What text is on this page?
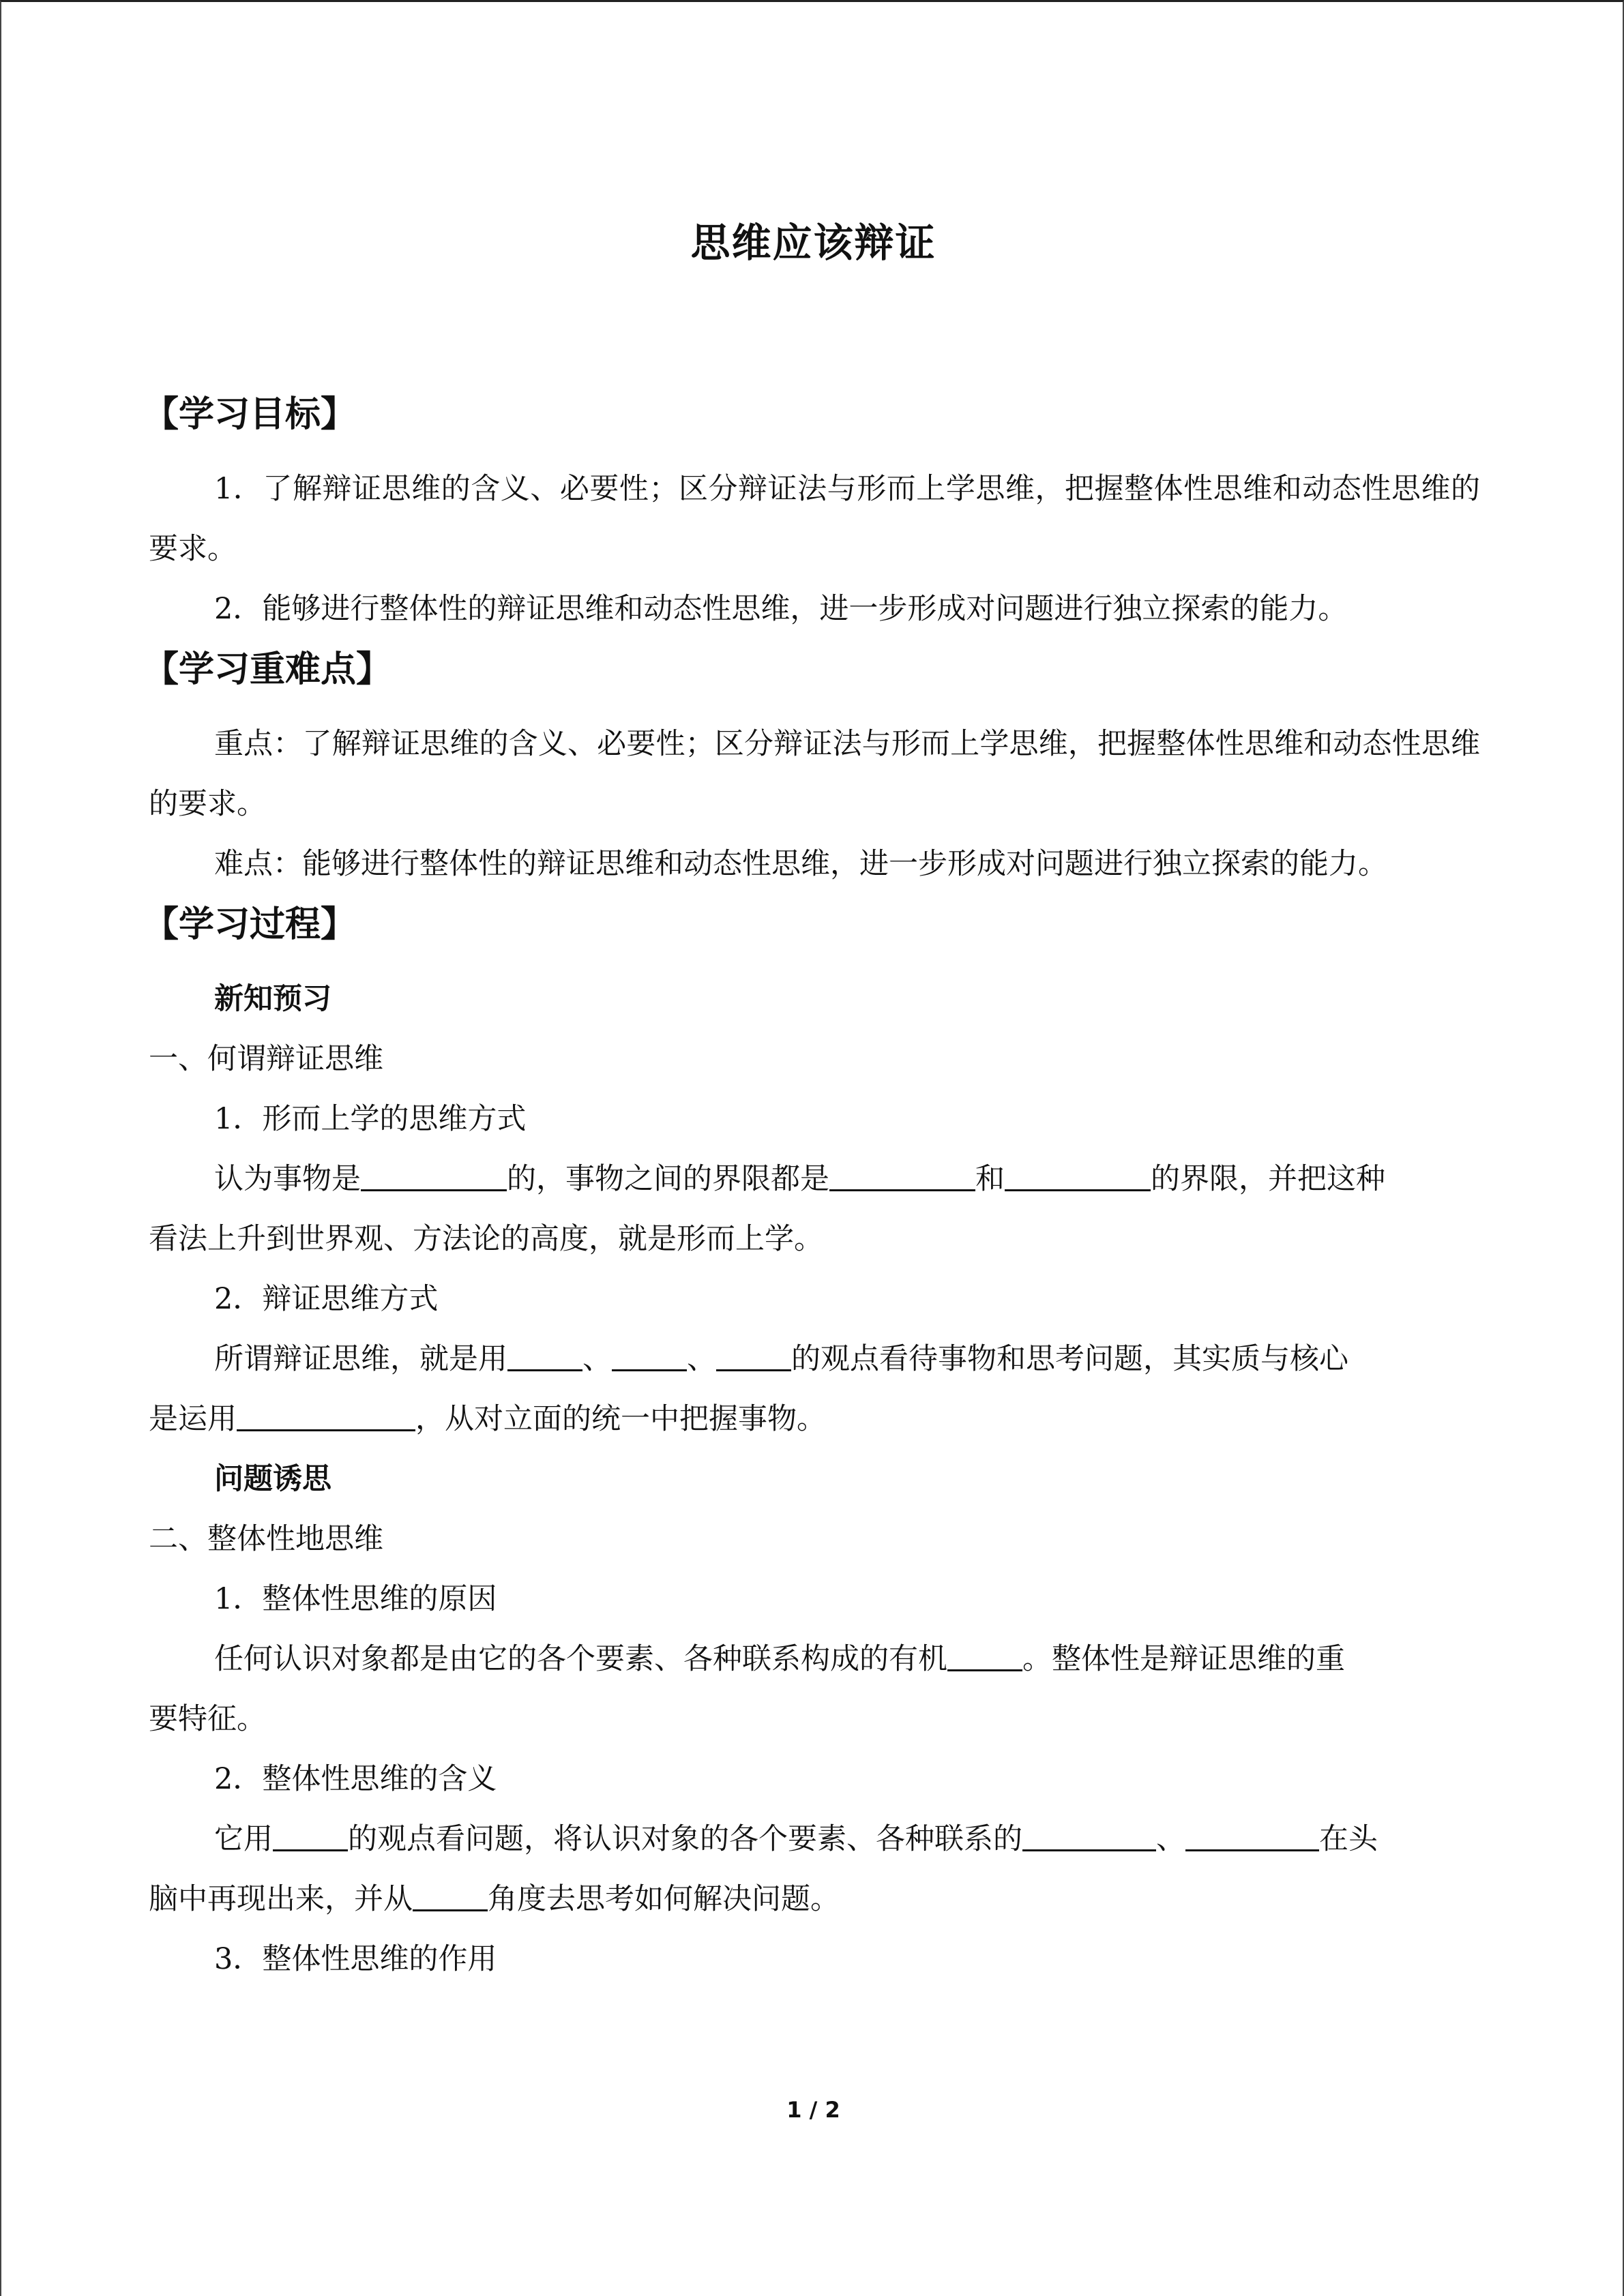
思维应该辩证
【学习目标】
1．了解辩证思维的含义、必要性；区分辩证法与形而上学思维，把握整体性思维和动态性思维的要求。
2．能够进行整体性的辩证思维和动态性思维，进一步形成对问题进行独立探索的能力。
【学习重难点】
重点：了解辩证思维的含义、必要性；区分辩证法与形而上学思维，把握整体性思维和动态性思维的要求。
难点：能够进行整体性的辩证思维和动态性思维，进一步形成对问题进行独立探索的能力。
【学习过程】
新知预习
一、何谓辩证思维
1．形而上学的思维方式
认为事物是	的，事物之间的界限都是	和	的界限，并把这种
看法上升到世界观、方法论的高度，就是形而上学。
2．辩证思维方式
所谓辩证思维，就是用	、	、	的观点看待事物和思考问题，其实质与核心
是运用	，从对立面的统一中把握事物。
问题诱思
二、整体性地思维
1．整体性思维的原因
任何认识对象都是由它的各个要素、各种联系构成的有机	。整体性是辩证思维的重
要特征。
2．整体性思维的含义
它用	的观点看问题，将认识对象的各个要素、各种联系的	、	在头
脑中再现出来，并从	角度去思考如何解决问题。
3．整体性思维的作用
1 / 2
